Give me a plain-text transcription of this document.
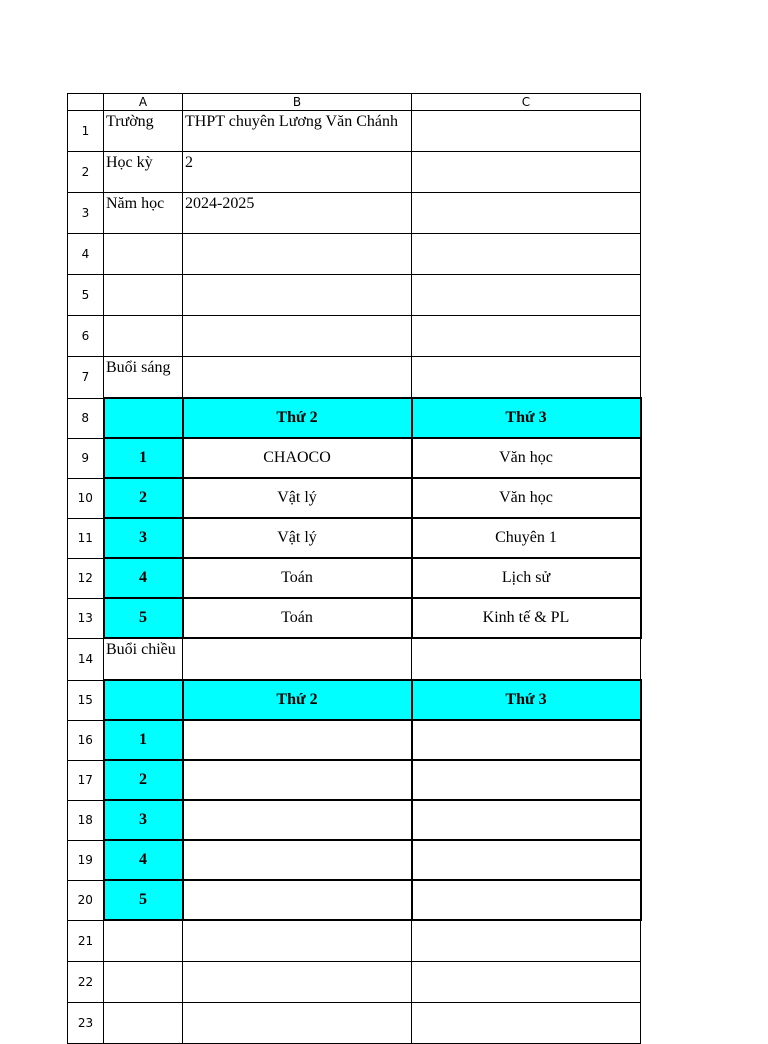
	A	B	C
1	Trường	THPT chuyên Lương Văn Chánh	
2	Học kỳ	2	
3	Năm học	2024-2025	
4			
5			
6			
7	Buổi sáng		
8		Thứ 2	Thứ 3
9	1	CHAOCO	Văn học
10	2	Vật lý	Văn học
11	3	Vật lý	Chuyên 1
12	4	Toán	Lịch sử
13	5	Toán	Kinh tế & PL
14	Buổi chiều		
15		Thứ 2	Thứ 3
16	1		
17	2		
18	3		
19	4		
20	5		
21			
22			
23			
